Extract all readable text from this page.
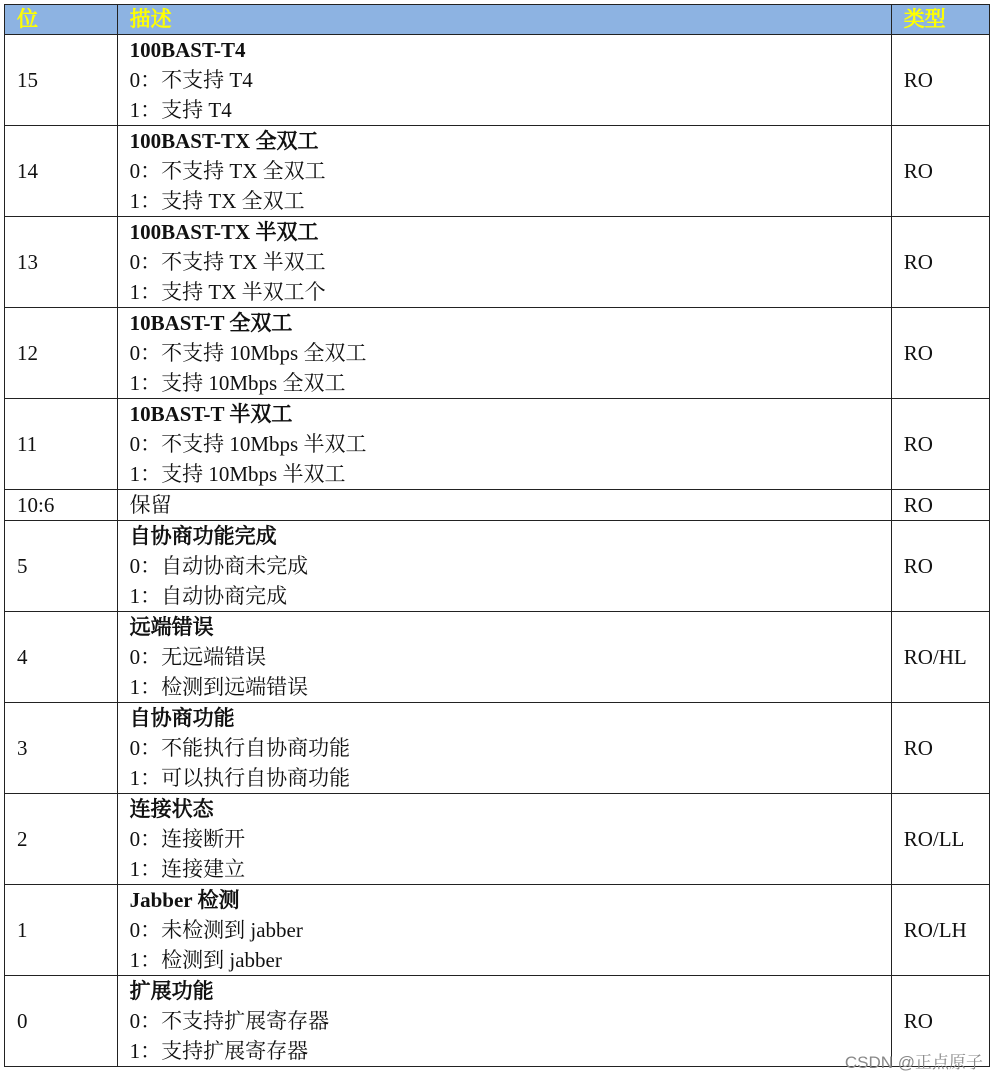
位	描述	类型
15	100BAST-T4
0：不支持 T4
1：支持 T4	RO
14	100BAST-TX 全双工
0：不支持 TX 全双工
1：支持 TX 全双工	RO
13	100BAST-TX 半双工
0：不支持 TX 半双工
1：支持 TX 半双工个	RO
12	10BAST-T 全双工
0：不支持 10Mbps 全双工
1：支持 10Mbps 全双工	RO
11	10BAST-T 半双工
0：不支持 10Mbps 半双工
1：支持 10Mbps 半双工	RO
10:6	保留	RO
5	自协商功能完成
0：自动协商未完成
1：自动协商完成	RO
4	远端错误
0：无远端错误
1：检测到远端错误	RO/HL
3	自协商功能
0：不能执行自协商功能
1：可以执行自协商功能	RO
2	连接状态
0：连接断开
1：连接建立	RO/LL
1	Jabber 检测
0：未检测到 jabber
1：检测到 jabber	RO/LH
0	扩展功能
0：不支持扩展寄存器
1：支持扩展寄存器	RO
CSDN @正点原子
